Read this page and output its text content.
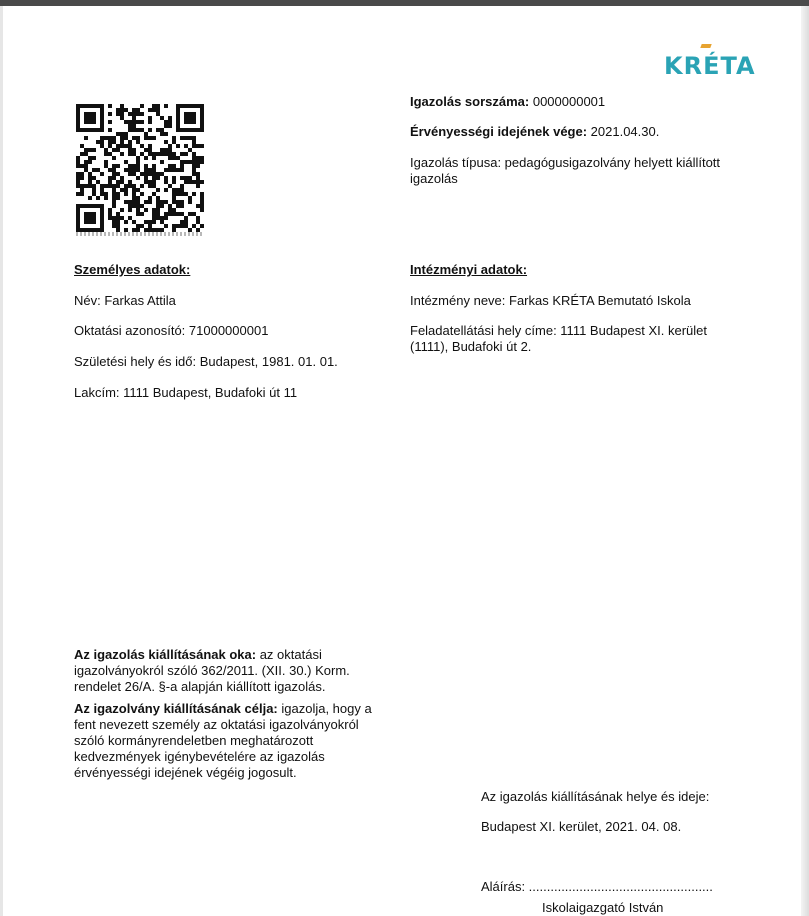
KRÉTA
Igazolás sorszáma: 0000000001
Érvényességi idejének vége: 2021.04.30.
Igazolás típusa: pedagógusigazolvány helyett kiállított
igazolás
Személyes adatok:
Név: Farkas Attila
Oktatási azonosító: 71000000001
Születési hely és idő: Budapest, 1981. 01. 01.
Lakcím: 1111 Budapest, Budafoki út 11
Intézményi adatok:
Intézmény neve: Farkas KRÉTA Bemutató Iskola
Feladatellátási hely címe: 1111 Budapest XI. kerület
(1111), Budafoki út 2.
Az igazolás kiállításának oka: az oktatási
igazolványokról szóló 362/2011. (XII. 30.) Korm.
rendelet 26/A. §-a alapján kiállított igazolás.
Az igazolvány kiállításának célja: igazolja, hogy a
fent nevezett személy az oktatási igazolványokról
szóló kormányrendeletben meghatározott
kedvezmények igénybevételére az igazolás
érvényességi idejének végéig jogosult.
Az igazolás kiállításának helye és ideje:
Budapest XI. kerület, 2021. 04. 08.
Aláírás: ...................................................
Iskolaigazgató István
